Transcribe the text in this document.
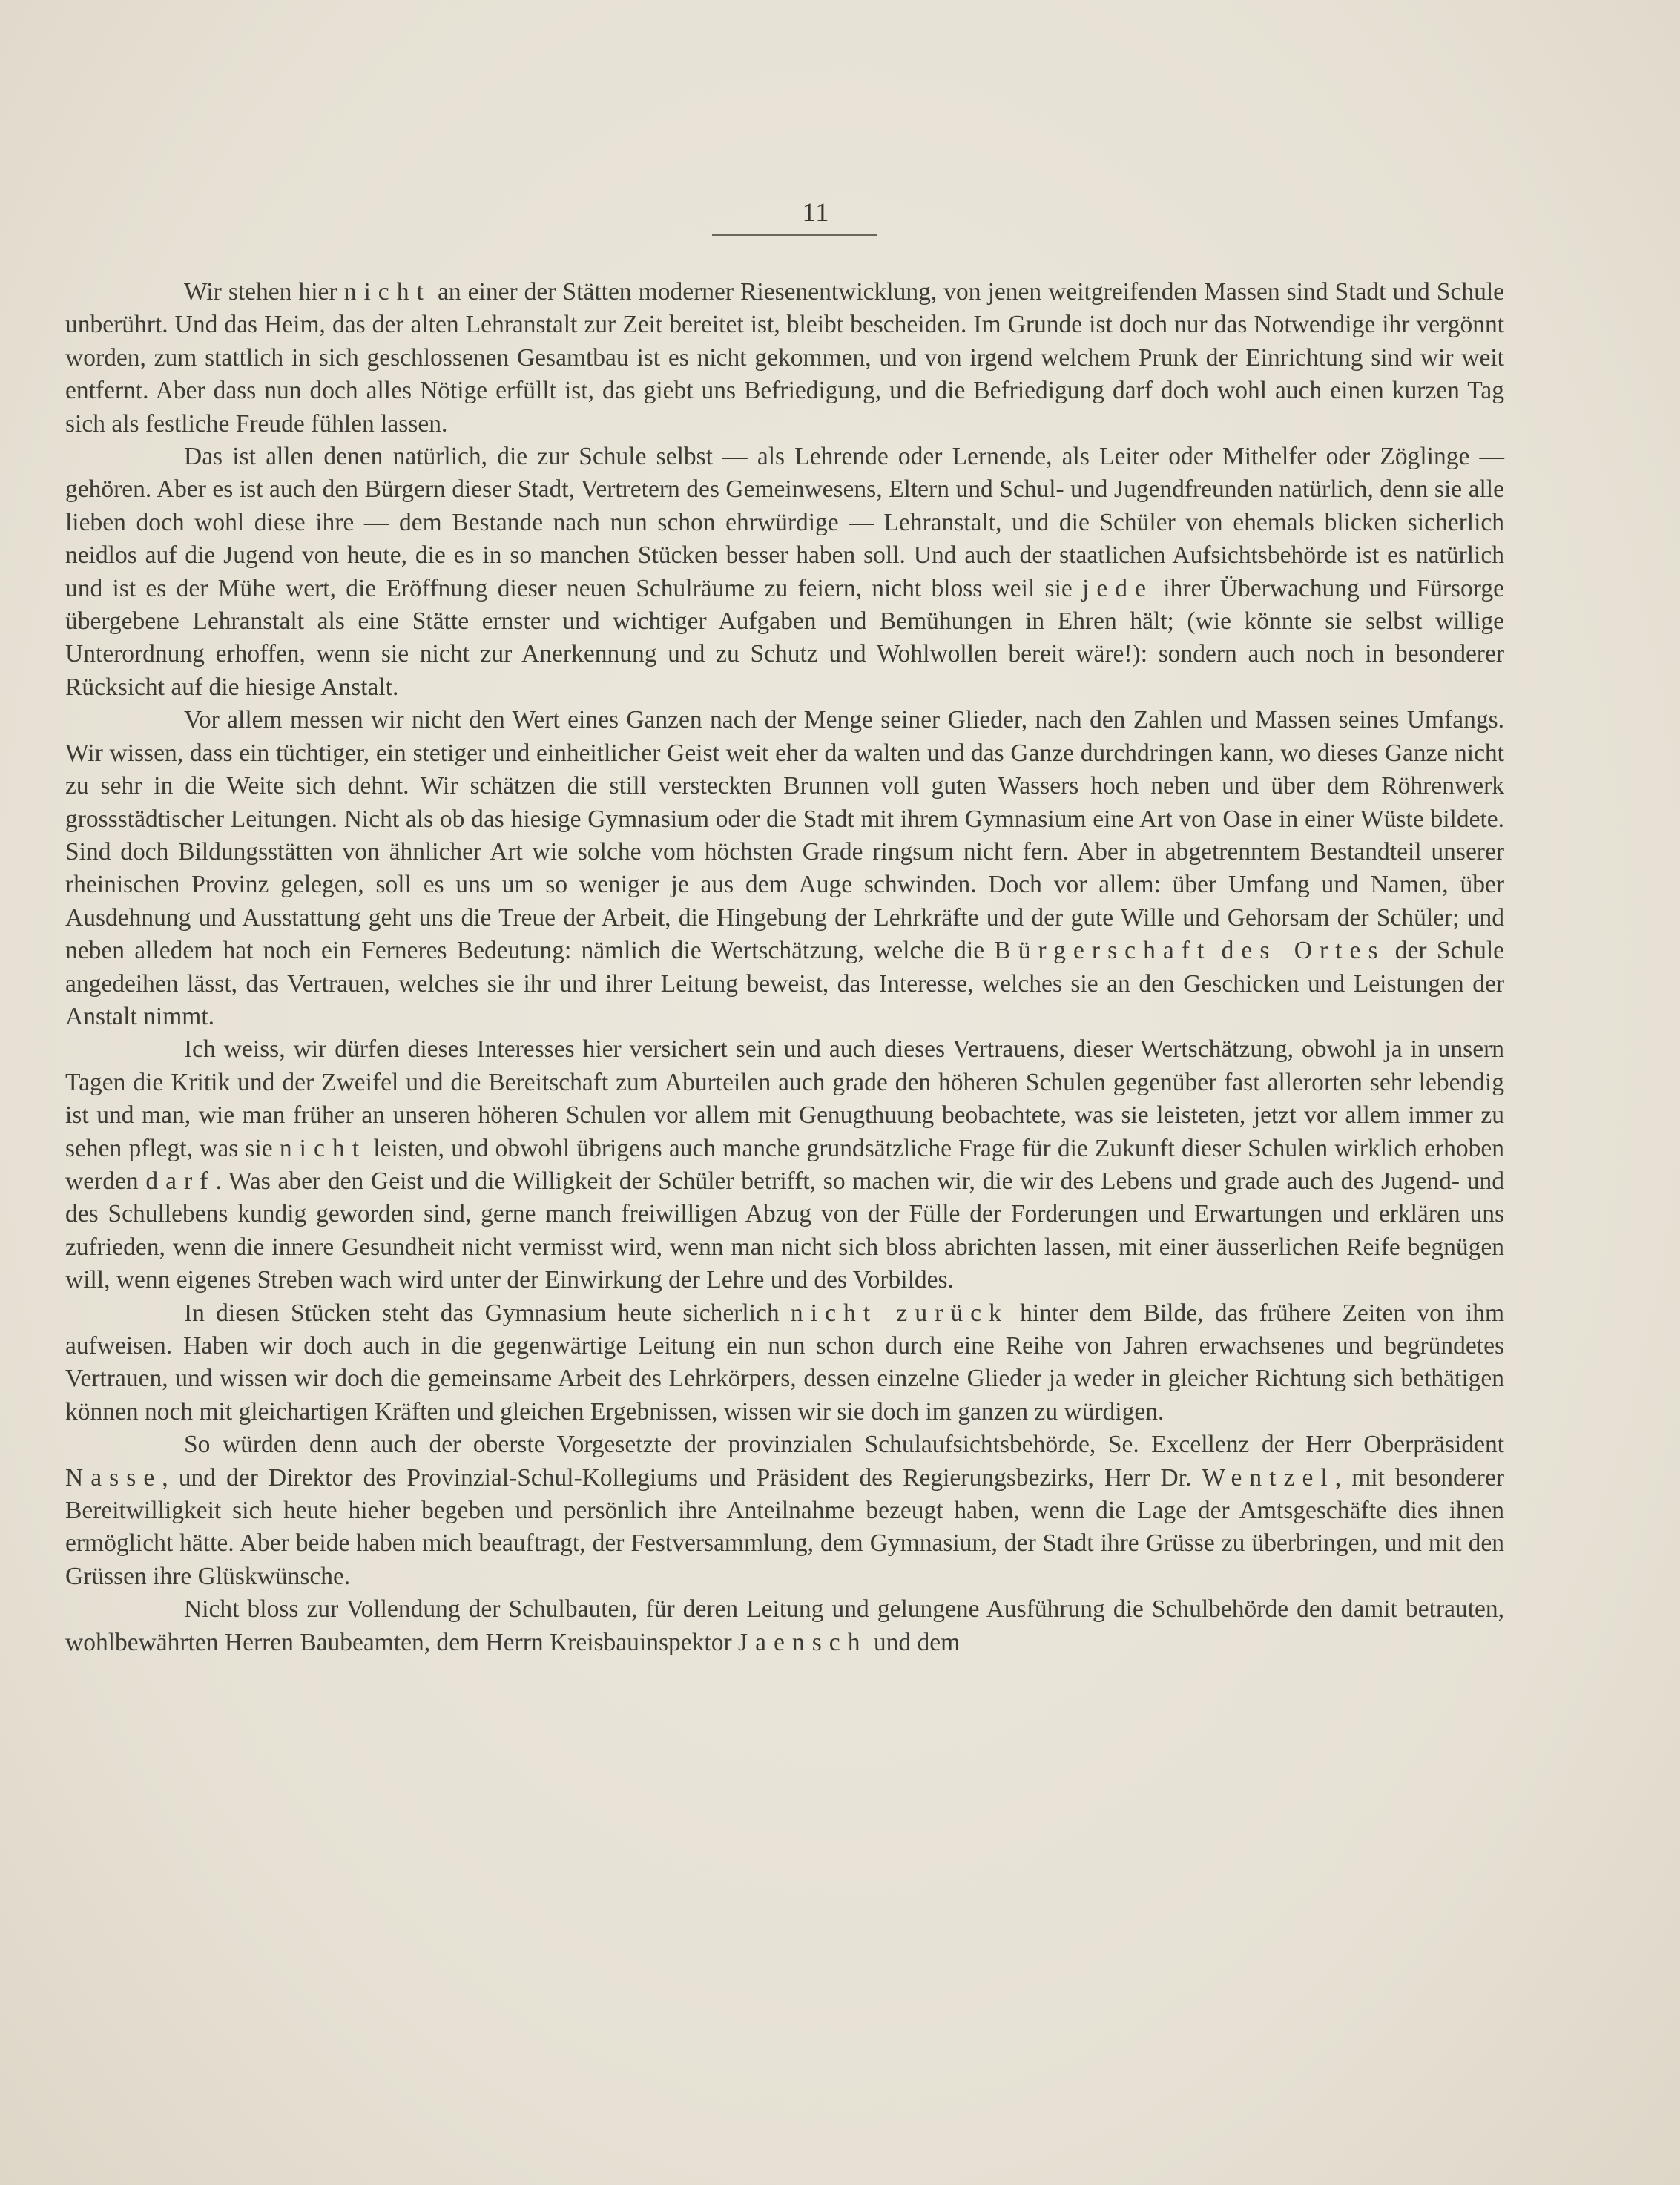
11

Wir stehen hier nicht an einer der Stätten moderner Riesenentwicklung, von jenen weitgreifenden Massen sind Stadt und Schule unberührt. Und das Heim, das der alten Lehranstalt zur Zeit bereitet ist, bleibt bescheiden. Im Grunde ist doch nur das Notwendige ihr vergönnt worden, zum stattlich in sich geschlossenen Gesamtbau ist es nicht gekommen, und von irgend welchem Prunk der Einrichtung sind wir weit entfernt. Aber dass nun doch alles Nötige erfüllt ist, das giebt uns Befriedigung, und die Befriedigung darf doch wohl auch einen kurzen Tag sich als festliche Freude fühlen lassen.

Das ist allen denen natürlich, die zur Schule selbst — als Lehrende oder Lernende, als Leiter oder Mithelfer oder Zöglinge — gehören. Aber es ist auch den Bürgern dieser Stadt, Vertretern des Gemeinwesens, Eltern und Schul- und Jugendfreunden natürlich, denn sie alle lieben doch wohl diese ihre — dem Bestande nach nun schon ehrwürdige — Lehranstalt, und die Schüler von ehemals blicken sicherlich neidlos auf die Jugend von heute, die es in so manchen Stücken besser haben soll. Und auch der staatlichen Aufsichtsbehörde ist es natürlich und ist es der Mühe wert, die Eröffnung dieser neuen Schulräume zu feiern, nicht bloss weil sie jede ihrer Überwachung und Fürsorge übergebene Lehranstalt als eine Stätte ernster und wichtiger Aufgaben und Bemühungen in Ehren hält; (wie könnte sie selbst willige Unterordnung erhoffen, wenn sie nicht zur Anerkennung und zu Schutz und Wohlwollen bereit wäre!): sondern auch noch in besonderer Rücksicht auf die hiesige Anstalt.

Vor allem messen wir nicht den Wert eines Ganzen nach der Menge seiner Glieder, nach den Zahlen und Massen seines Umfangs. Wir wissen, dass ein tüchtiger, ein stetiger und einheitlicher Geist weit eher da walten und das Ganze durchdringen kann, wo dieses Ganze nicht zu sehr in die Weite sich dehnt. Wir schätzen die still versteckten Brunnen voll guten Wassers hoch neben und über dem Röhrenwerk grossstädtischer Leitungen. Nicht als ob das hiesige Gymnasium oder die Stadt mit ihrem Gymnasium eine Art von Oase in einer Wüste bildete. Sind doch Bildungsstätten von ähnlicher Art wie solche vom höchsten Grade ringsum nicht fern. Aber in abgetrenntem Bestandteil unserer rheinischen Provinz gelegen, soll es uns um so weniger je aus dem Auge schwinden. Doch vor allem: über Umfang und Namen, über Ausdehnung und Ausstattung geht uns die Treue der Arbeit, die Hingebung der Lehrkräfte und der gute Wille und Gehorsam der Schüler; und neben alledem hat noch ein Ferneres Bedeutung: nämlich die Wertschätzung, welche die Bürgerschaft des Ortes der Schule angedeihen lässt, das Vertrauen, welches sie ihr und ihrer Leitung beweist, das Interesse, welches sie an den Geschicken und Leistungen der Anstalt nimmt.

Ich weiss, wir dürfen dieses Interesses hier versichert sein und auch dieses Vertrauens, dieser Wertschätzung, obwohl ja in unsern Tagen die Kritik und der Zweifel und die Bereitschaft zum Aburteilen auch grade den höheren Schulen gegenüber fast allerorten sehr lebendig ist und man, wie man früher an unseren höheren Schulen vor allem mit Genugthuung beobachtete, was sie leisteten, jetzt vor allem immer zu sehen pflegt, was sie nicht leisten, und obwohl übrigens auch manche grundsätzliche Frage für die Zukunft dieser Schulen wirklich erhoben werden darf. Was aber den Geist und die Willigkeit der Schüler betrifft, so machen wir, die wir des Lebens und grade auch des Jugend- und des Schullebens kundig geworden sind, gerne manch freiwilligen Abzug von der Fülle der Forderungen und Erwartungen und erklären uns zufrieden, wenn die innere Gesundheit nicht vermisst wird, wenn man nicht sich bloss abrichten lassen, mit einer äusserlichen Reife begnügen will, wenn eigenes Streben wach wird unter der Einwirkung der Lehre und des Vorbildes.

In diesen Stücken steht das Gymnasium heute sicherlich nicht zurück hinter dem Bilde, das frühere Zeiten von ihm aufweisen. Haben wir doch auch in die gegenwärtige Leitung ein nun schon durch eine Reihe von Jahren erwachsenes und begründetes Vertrauen, und wissen wir doch die gemeinsame Arbeit des Lehrkörpers, dessen einzelne Glieder ja weder in gleicher Richtung sich bethätigen können noch mit gleichartigen Kräften und gleichen Ergebnissen, wissen wir sie doch im ganzen zu würdigen.

So würden denn auch der oberste Vorgesetzte der provinzialen Schulaufsichtsbehörde, Se. Excellenz der Herr Oberpräsident Nasse, und der Direktor des Provinzial-Schul-Kollegiums und Präsident des Regierungsbezirks, Herr Dr. Wentzel, mit besonderer Bereitwilligkeit sich heute hieher begeben und persönlich ihre Anteilnahme bezeugt haben, wenn die Lage der Amtsgeschäfte dies ihnen ermöglicht hätte. Aber beide haben mich beauftragt, der Festversammlung, dem Gymnasium, der Stadt ihre Grüsse zu überbringen, und mit den Grüssen ihre Glüskwünsche.

Nicht bloss zur Vollendung der Schulbauten, für deren Leitung und gelungene Ausführung die Schulbehörde den damit betrauten, wohlbewährten Herren Baubeamten, dem Herrn Kreisbauinspektor Jaensch und dem
